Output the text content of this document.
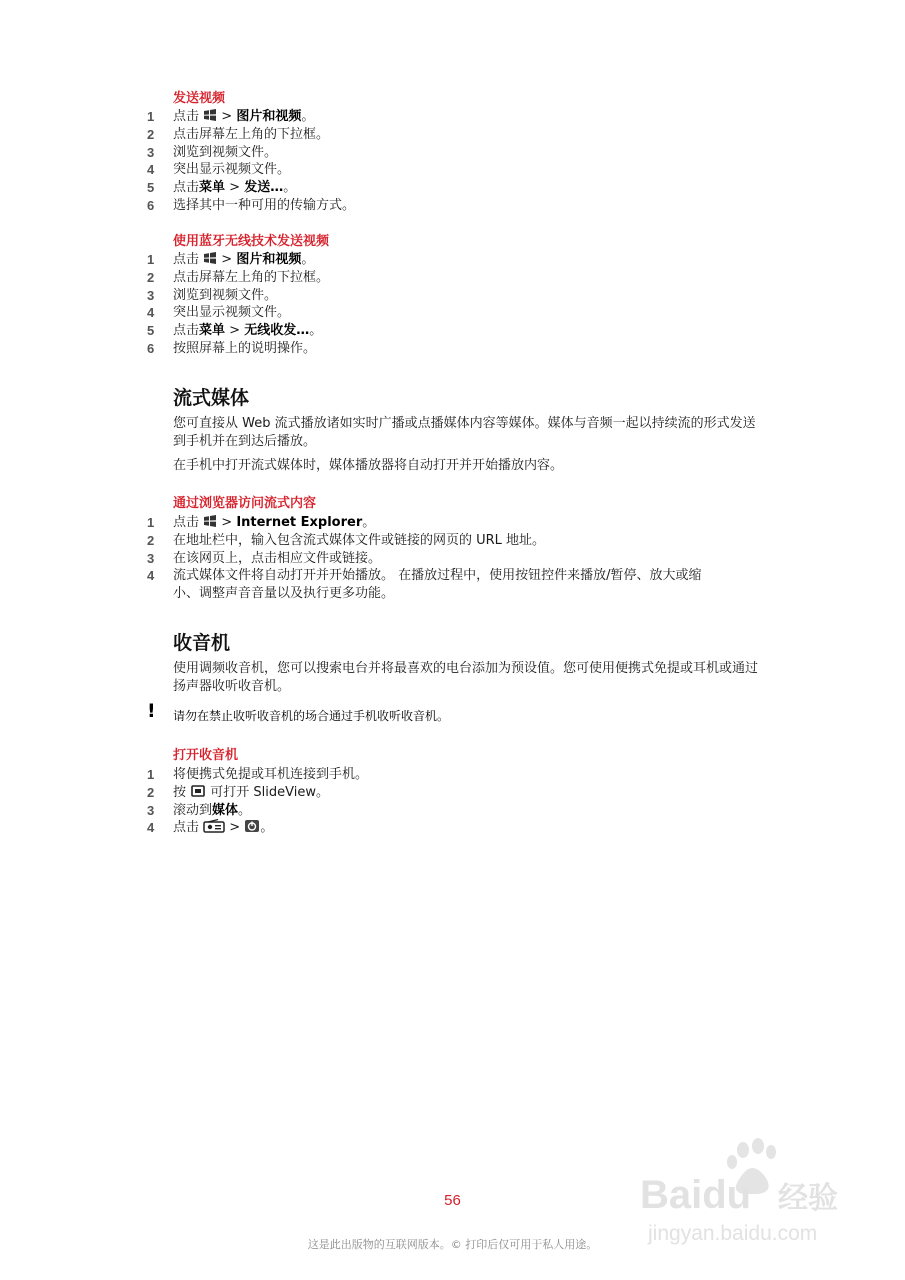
发送视频
1	点击  > 图片和视频。
2	点击屏幕左上角的下拉框。
3	浏览到视频文件。
4	突出显示视频文件。
5	点击菜单 > 发送…。
6	选择其中一种可用的传输方式。
使用蓝牙无线技术发送视频
1	点击  > 图片和视频。
2	点击屏幕左上角的下拉框。
3	浏览到视频文件。
4	突出显示视频文件。
5	点击菜单 > 无线收发…。
6	按照屏幕上的说明操作。
流式媒体
您可直接从 Web 流式播放诸如实时广播或点播媒体内容等媒体。媒体与音频一起以持续流的形式发送到手机并在到达后播放。
在手机中打开流式媒体时，媒体播放器将自动打开并开始播放内容。
通过浏览器访问流式内容
1	点击  > Internet Explorer。
2	在地址栏中，输入包含流式媒体文件或链接的网页的 URL 地址。
3	在该网页上，点击相应文件或链接。
4	流式媒体文件将自动打开并开始播放。 在播放过程中，使用按钮控件来播放/暂停、放大或缩小、调整声音音量以及执行更多功能。
收音机
使用调频收音机，您可以搜索电台并将最喜欢的电台添加为预设值。您可使用便携式免提或耳机或通过扬声器收听收音机。
! 请勿在禁止收听收音机的场合通过手机收听收音机。
打开收音机
1	将便携式免提或耳机连接到手机。
2	按  可打开 SlideView。
3	滚动到媒体。
4	点击  > 。
Baidu 经验
jingyan.baidu.com
56
这是此出版物的互联网版本。© 打印后仅可用于私人用途。
